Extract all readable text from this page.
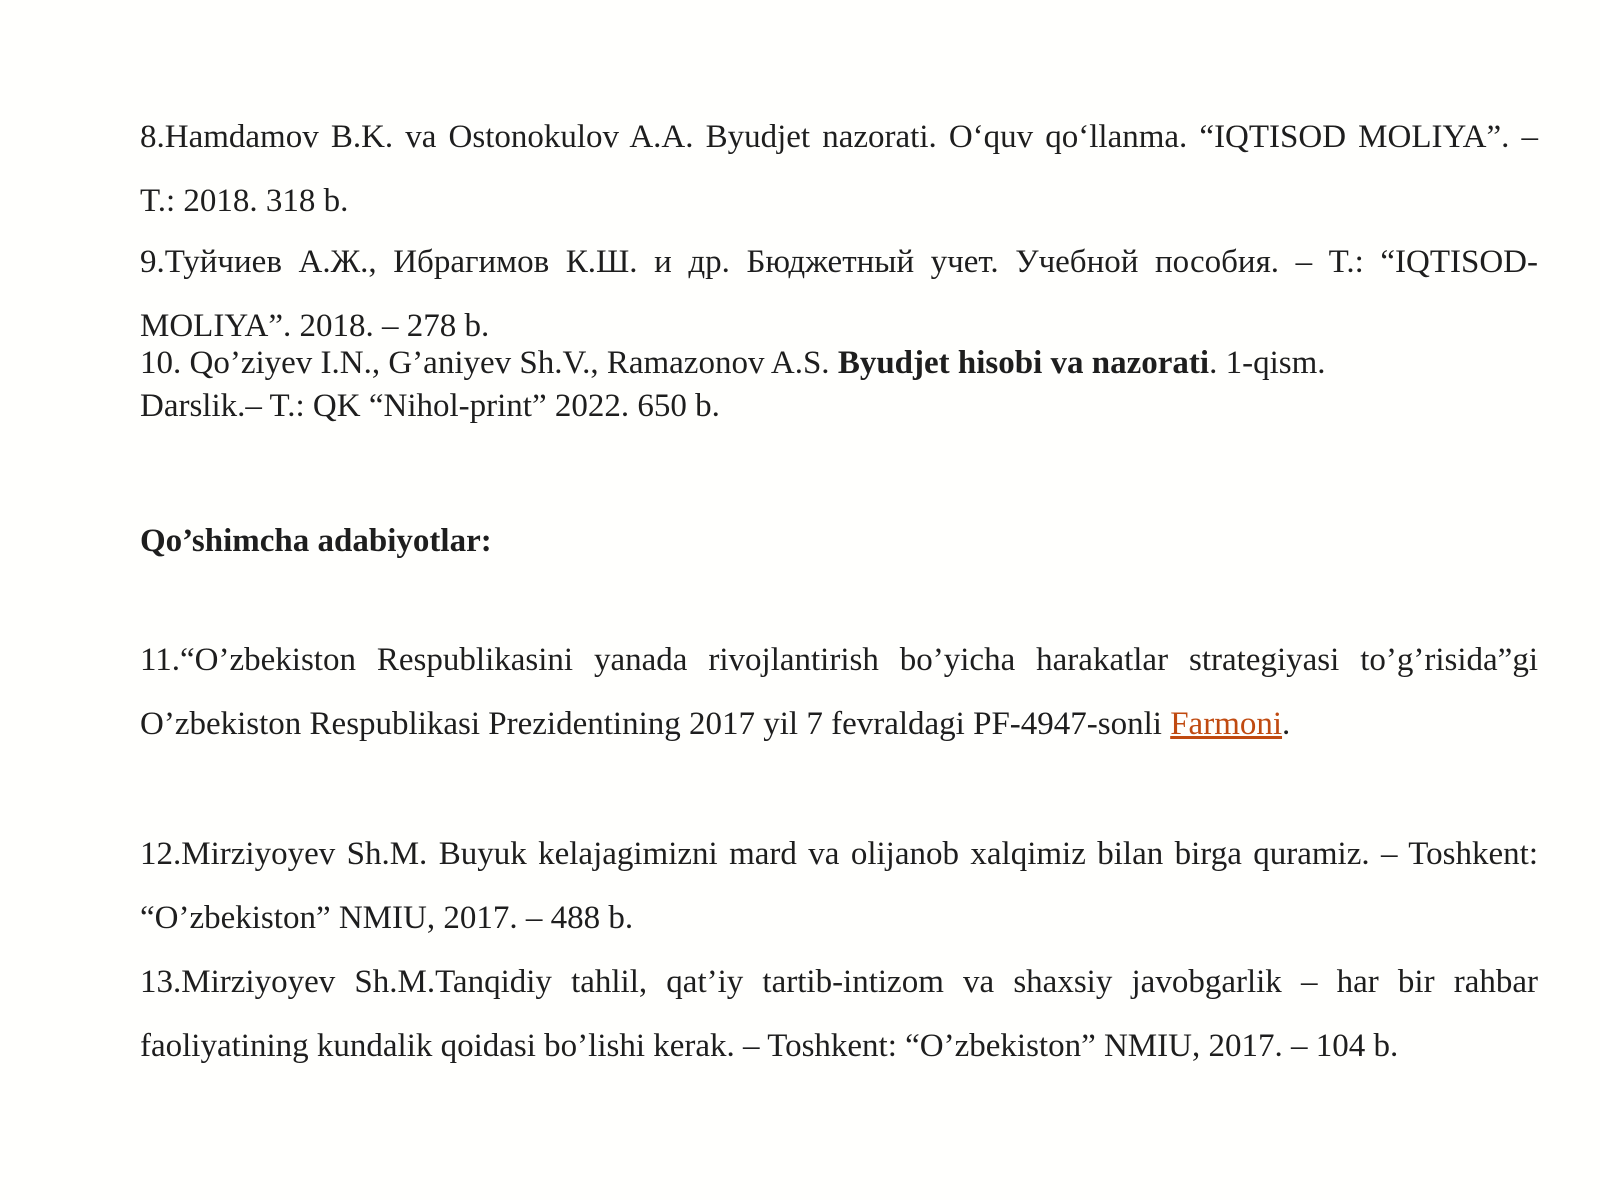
8.Hamdamov B.K. va Ostonokulov A.A. Byudjet nazorati. O‘quv qo‘llanma. “IQTISOD MOLIYA”. – T.: 2018. 318 b.

9.Туйчиев А.Ж., Ибрагимов К.Ш. и др. Бюджетный учет. Учебной пособия. – T.: “IQTISOD-MOLIYA”. 2018. – 278 b.

10. Qo’ziyev I.N., G’aniyev Sh.V., Ramazonov A.S. Byudjet hisobi va nazorati. 1-qism.
Darslik.– T.: QK “Nihol-print” 2022. 650 b.

Qo’shimcha adabiyotlar:

11.“O’zbekiston Respublikasini yanada rivojlantirish bo’yicha harakatlar strategiyasi to’g’risida”gi O’zbekiston Respublikasi Prezidentining 2017 yil 7 fevraldagi PF-4947-sonli Farmoni.

12.Mirziyoyev Sh.M. Buyuk kelajagimizni mard va olijanob xalqimiz bilan birga quramiz. – Toshkent: “O’zbekiston” NMIU, 2017. – 488 b.

13.Mirziyoyev Sh.M.Tanqidiy tahlil, qat’iy tartib-intizom va shaxsiy javobgarlik – har bir rahbar faoliyatining kundalik qoidasi bo’lishi kerak. – Toshkent: “O’zbekiston” NMIU, 2017. – 104 b.
